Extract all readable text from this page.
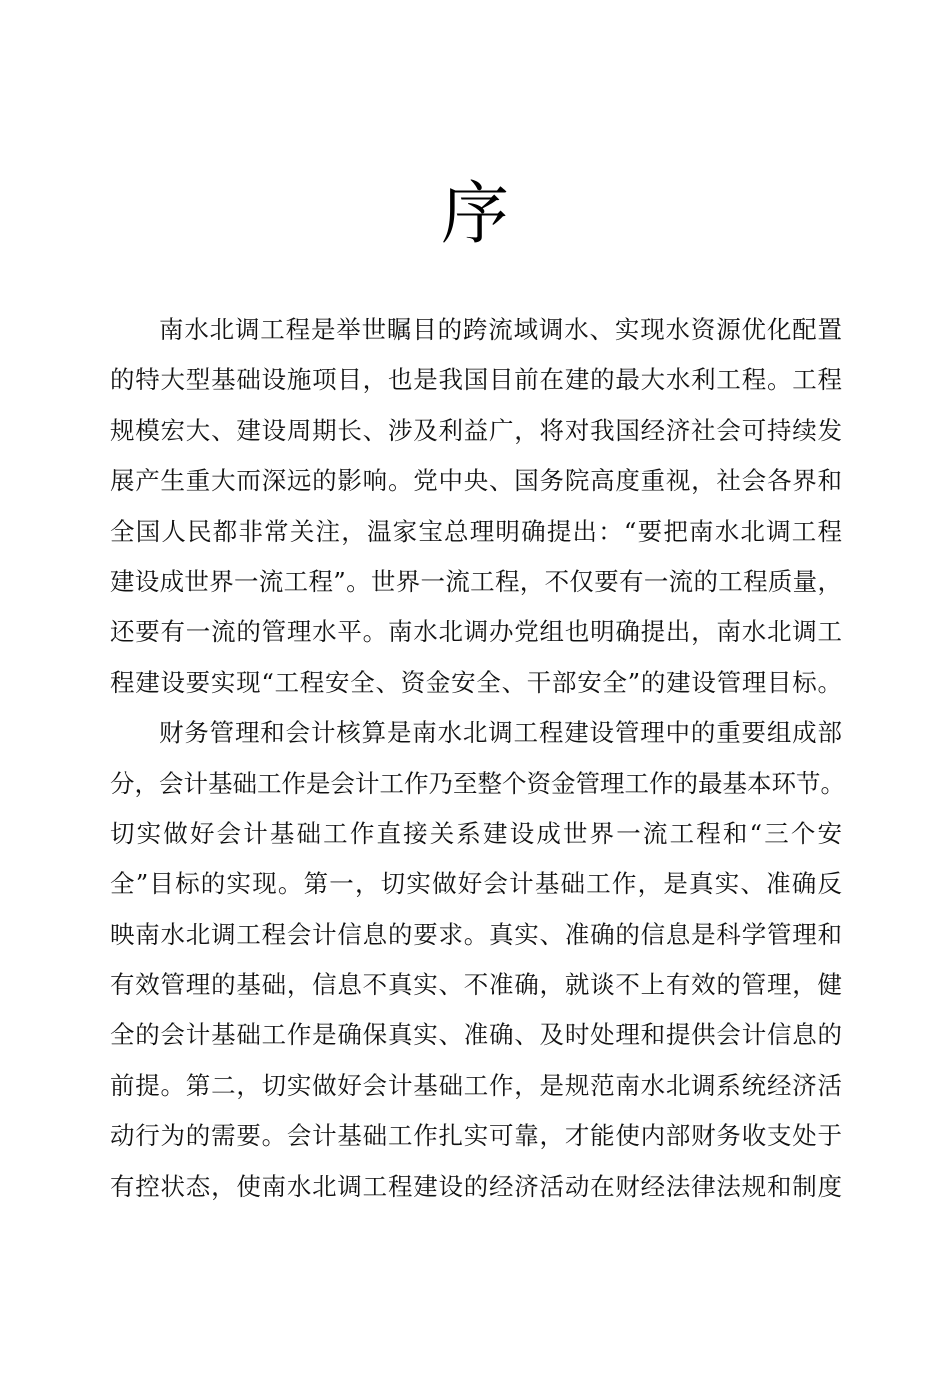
序
南水北调工程是举世瞩目的跨流域调水、实现水资源优化配置
的特大型基础设施项目，也是我国目前在建的最大水利工程。工程
规模宏大、建设周期长、涉及利益广，将对我国经济社会可持续发
展产生重大而深远的影响。党中央、国务院高度重视，社会各界和
全国人民都非常关注，温家宝总理明确提出：“要把南水北调工程
建设成世界一流工程”。世界一流工程，不仅要有一流的工程质量，
还要有一流的管理水平。南水北调办党组也明确提出，南水北调工
程建设要实现“工程安全、资金安全、干部安全”的建设管理目标。
财务管理和会计核算是南水北调工程建设管理中的重要组成部
分，会计基础工作是会计工作乃至整个资金管理工作的最基本环节。
切实做好会计基础工作直接关系建设成世界一流工程和“三个安
全”目标的实现。第一，切实做好会计基础工作，是真实、准确反
映南水北调工程会计信息的要求。真实、准确的信息是科学管理和
有效管理的基础，信息不真实、不准确，就谈不上有效的管理，健
全的会计基础工作是确保真实、准确、及时处理和提供会计信息的
前提。第二，切实做好会计基础工作，是规范南水北调系统经济活
动行为的需要。会计基础工作扎实可靠，才能使内部财务收支处于
有控状态，使南水北调工程建设的经济活动在财经法律法规和制度
